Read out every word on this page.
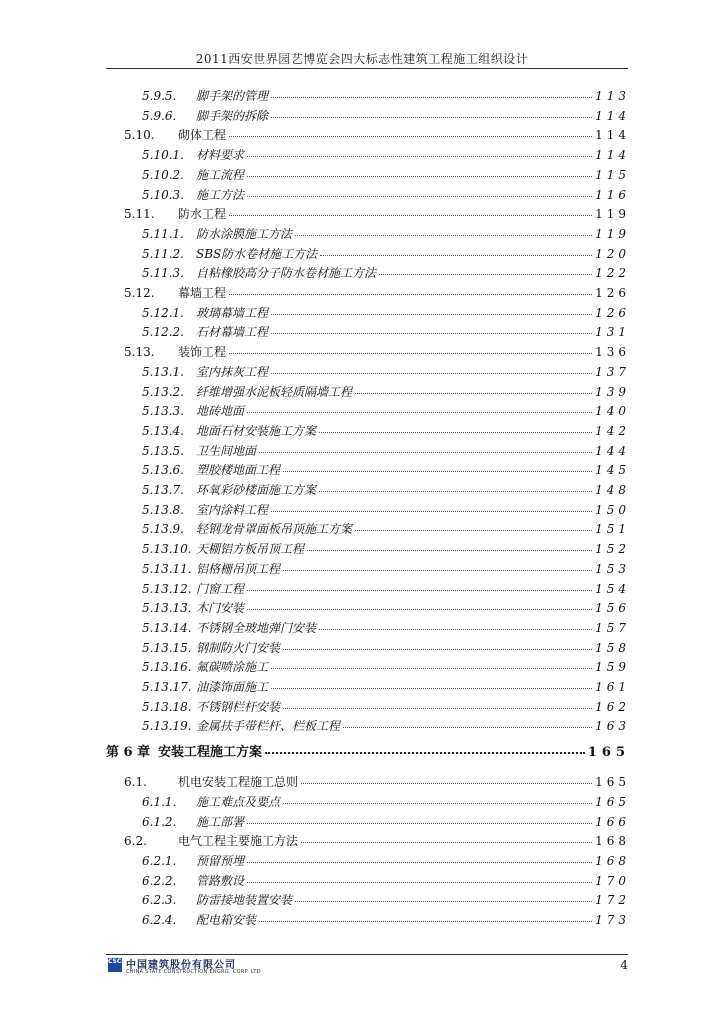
2011西安世界园艺博览会四大标志性建筑工程施工组织设计
5.9.5.	脚手架的管理	113
5.9.6.	脚手架的拆除	114
5.10.	砌体工程	114
5.10.1.	材料要求	114
5.10.2.	施工流程	115
5.10.3.	施工方法	116
5.11.	防水工程	119
5.11.1.	防水涂膜施工方法	119
5.11.2.	SBS防水卷材施工方法	120
5.11.3.	自粘橡胶高分子防水卷材施工方法	122
5.12.	幕墙工程	126
5.12.1.	玻璃幕墙工程	126
5.12.2.	石材幕墙工程	131
5.13.	装饰工程	136
5.13.1.	室内抹灰工程	137
5.13.2.	纤维增强水泥板轻质隔墙工程	139
5.13.3.	地砖地面	140
5.13.4.	地面石材安装施工方案	142
5.13.5.	卫生间地面	144
5.13.6.	塑胶楼地面工程	145
5.13.7.	环氧彩砂楼面施工方案	148
5.13.8.	室内涂料工程	150
5.13.9.	轻钢龙骨罩面板吊顶施工方案	151
5.13.10. 天棚铝方板吊顶工程	152
5.13.11. 铝格栅吊顶工程	153
5.13.12. 门窗工程	154
5.13.13. 木门安装	156
5.13.14. 不锈钢全玻地弹门安装	157
5.13.15. 钢制防火门安装	158
5.13.16. 氟碳喷涂施工	159
5.13.17. 油漆饰面施工	161
5.13.18. 不锈钢栏杆安装	162
5.13.19. 金属扶手带栏杆、栏板工程	163
第 6 章 安装工程施工方案	165
6.1.	机电安装工程施工总则	165
6.1.1.	施工难点及要点	165
6.1.2.	施工部署	166
6.2.	电气工程主要施工方法	168
6.2.1.	预留预埋	168
6.2.2.	管路敷设	170
6.2.3.	防雷接地装置安装	172
6.2.4.	配电箱安装	173
CSCEC
中国建筑股份有限公司
CHINA STATE CONSTRUCTION ENGRG. CORP. LTD	4
